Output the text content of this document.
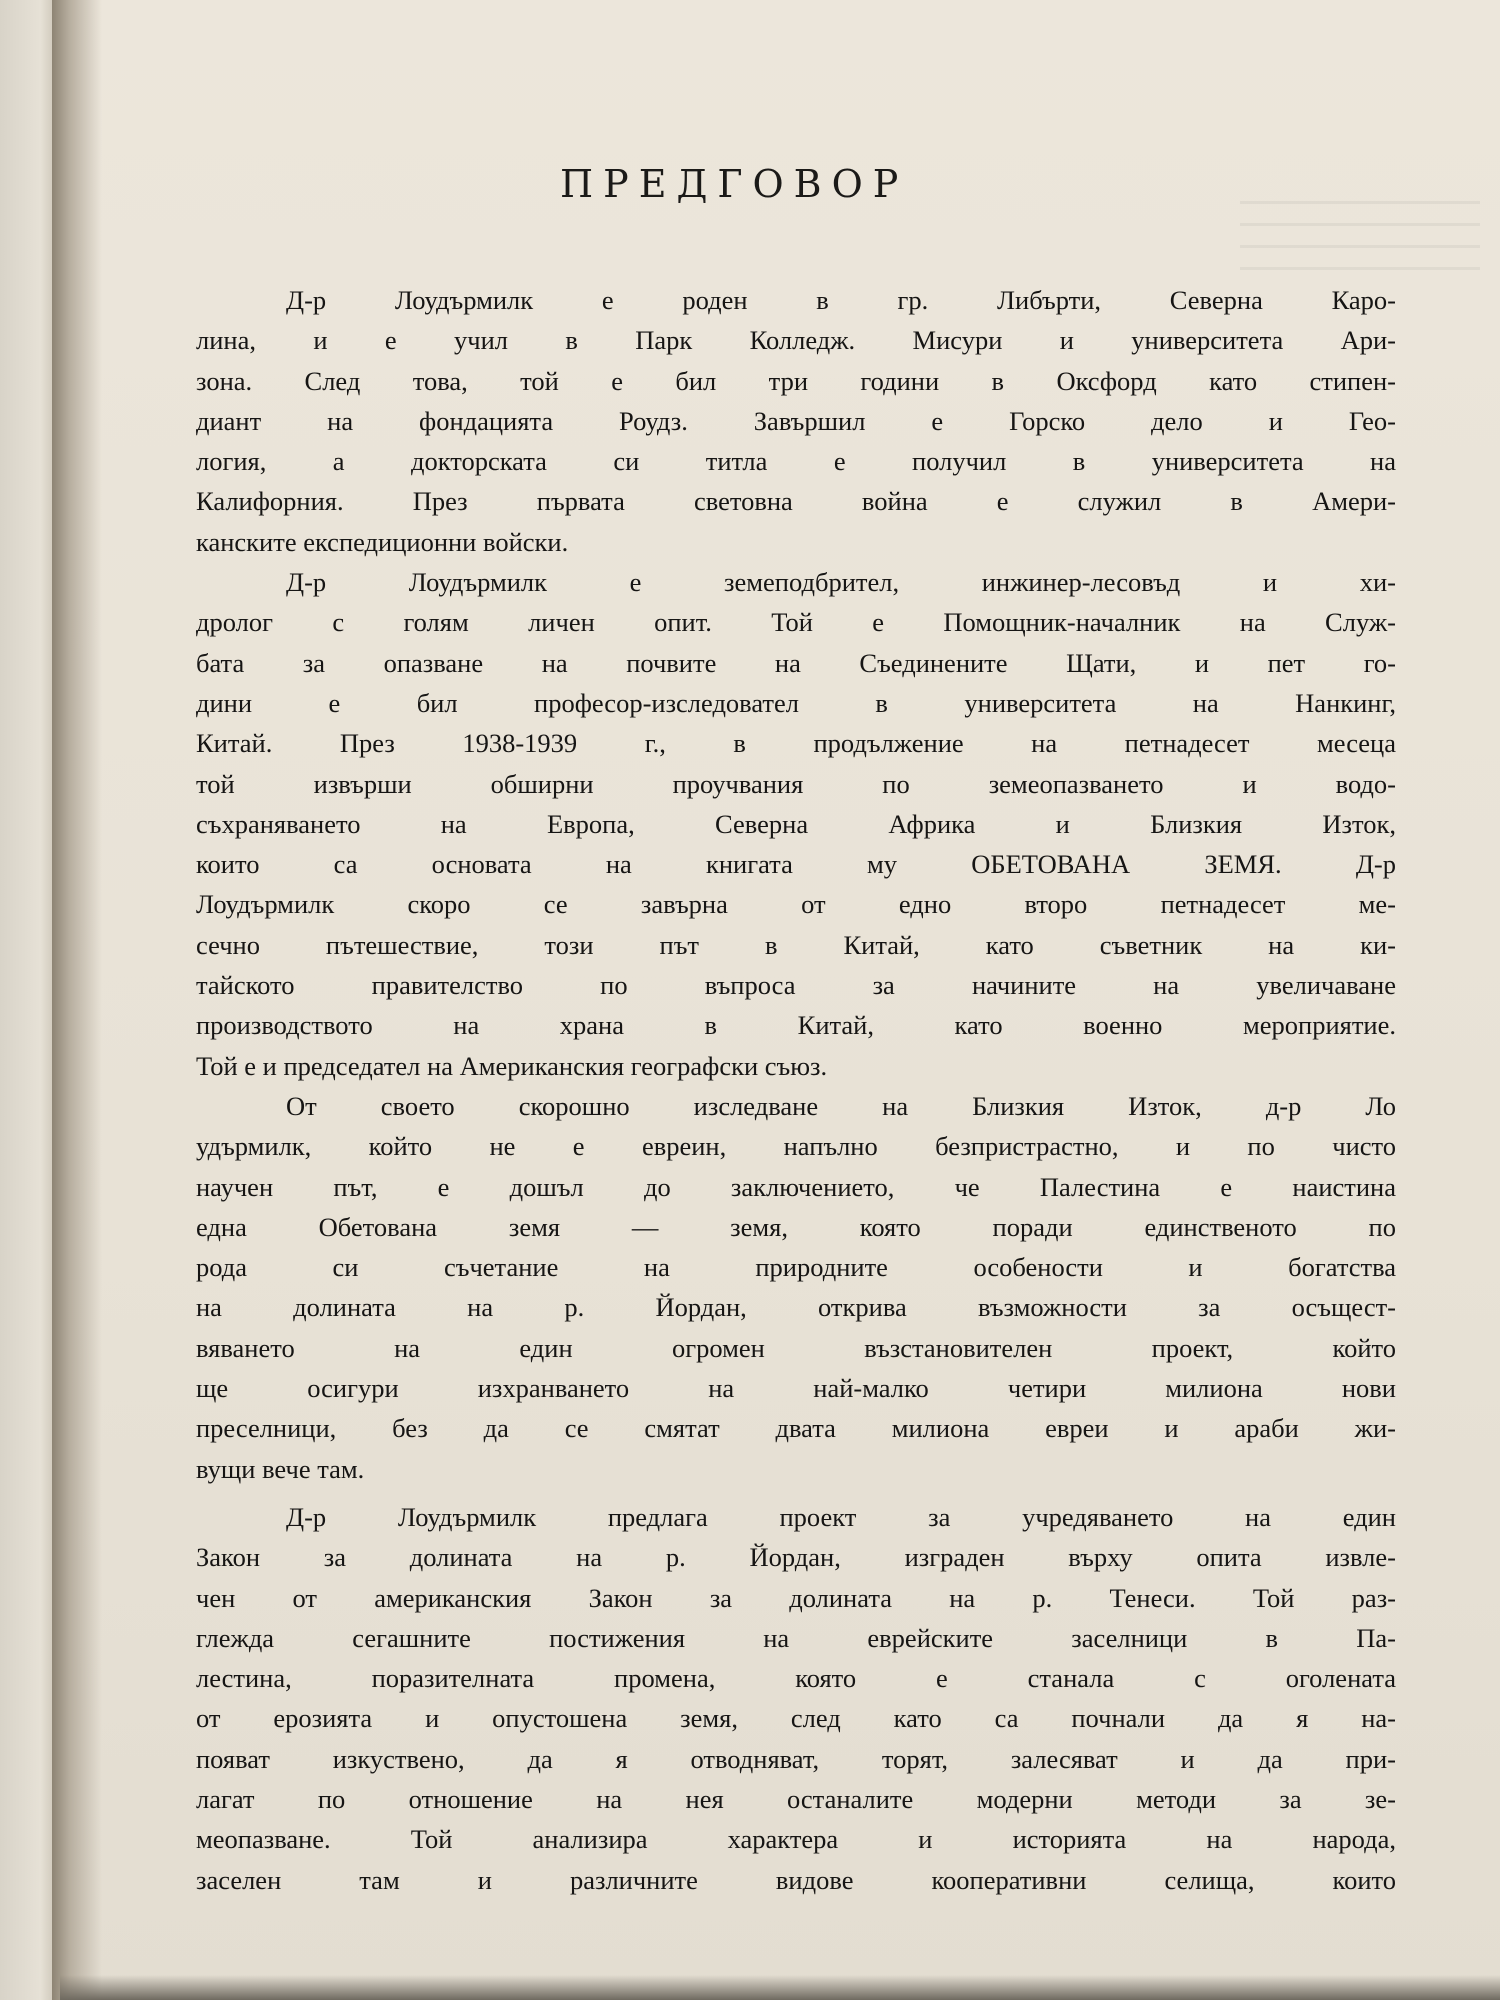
ПРЕДГОВОР
Д-р Лоудърмилк е роден в гр. Либърти, Северна Каро-
лина, и е учил в Парк Колледж. Мисури и университета Ари-
зона. След това, той е бил три години в Оксфорд като стипен-
диант на фондацията Роудз. Завършил е Горско дело и Гео-
логия, а докторската си титла е получил в университета на
Калифорния. През първата световна война е служил в Амери-
канските експедиционни войски.
Д-р Лоудърмилк е земеподбрител, инжинер-лесовъд и хи-
дролог с голям личен опит. Той е Помощник-началник на Служ-
бата за опазване на почвите на Съединените Щати, и пет го-
дини е бил професор-изследовател в университета на Нанкинг,
Китай. През 1938-1939 г., в продължение на петнадесет месеца
той извърши обширни проучвания по земеопазването и водо-
съхраняването на Европа, Северна Африка и Близкия Изток,
които са основата на книгата му ОБЕТОВАНА ЗЕМЯ. Д-р
Лоудърмилк скоро се завърна от едно второ петнадесет ме-
сечно пътешествие, този път в Китай, като съветник на ки-
тайското правителство по въпроса за начините на увеличаване
производството на храна в Китай, като военно мероприятие.
Той е и председател на Американския географски съюз.
От своето скорошно изследване на Близкия Изток, д-р Ло
удърмилк, който не е евреин, напълно безпристрастно, и по чисто
научен път, е дошъл до заключението, че Палестина е наистина
една Обетована земя — земя, която поради единственото по
рода си съчетание на природните особености и богатства
на долината на р. Йордан, открива възможности за осъщест-
вяването на един огромен възстановителен проект, който
ще осигури изхранването на най-малко четири милиона нови
преселници, без да се смятат двата милиона евреи и араби жи-
вущи вече там.
Д-р Лоудърмилк предлага проект за учредяването на един
Закон за долината на р. Йордан, изграден върху опита извле-
чен от американския Закон за долината на р. Тенеси. Той раз-
глежда сегашните постижения на еврейските заселници в Па-
лестина, поразителната промена, която е станала с оголената
от ерозията и опустошена земя, след като са почнали да я на-
появат изкуствено, да я отводняват, торят, залесяват и да при-
лагат по отношение на нея останалите модерни методи за зе-
меопазване. Той анализира характера и историята на народа,
заселен там и различните видове кооперативни селища, които
